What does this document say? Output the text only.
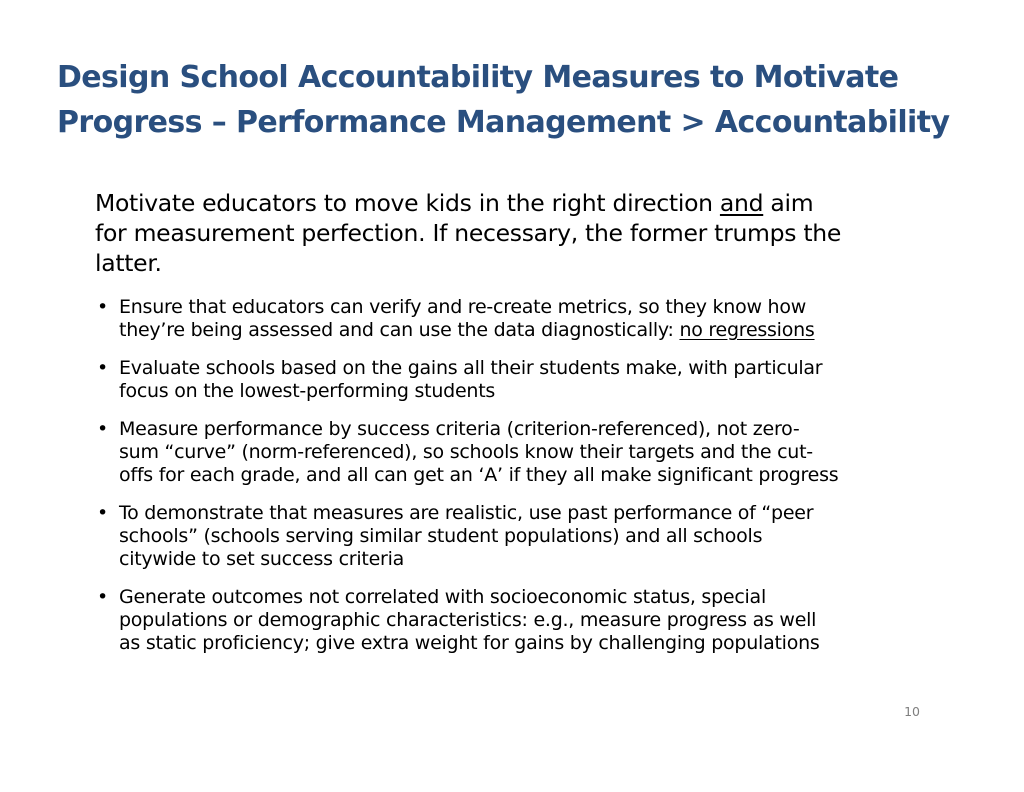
Design School Accountability Measures to Motivate
Progress – Performance Management > Accountability

Motivate educators to move kids in the right direction and aim
for measurement perfection. If necessary, the former trumps the
latter.

• Ensure that educators can verify and re-create metrics, so they know how
they’re being assessed and can use the data diagnostically: no regressions
• Evaluate schools based on the gains all their students make, with particular
focus on the lowest-performing students
• Measure performance by success criteria (criterion-referenced), not zero-
sum “curve” (norm-referenced), so schools know their targets and the cut-
offs for each grade, and all can get an ‘A’ if they all make significant progress
• To demonstrate that measures are realistic, use past performance of “peer
schools” (schools serving similar student populations) and all schools
citywide to set success criteria
• Generate outcomes not correlated with socioeconomic status, special
populations or demographic characteristics: e.g., measure progress as well
as static proficiency; give extra weight for gains by challenging populations
10
